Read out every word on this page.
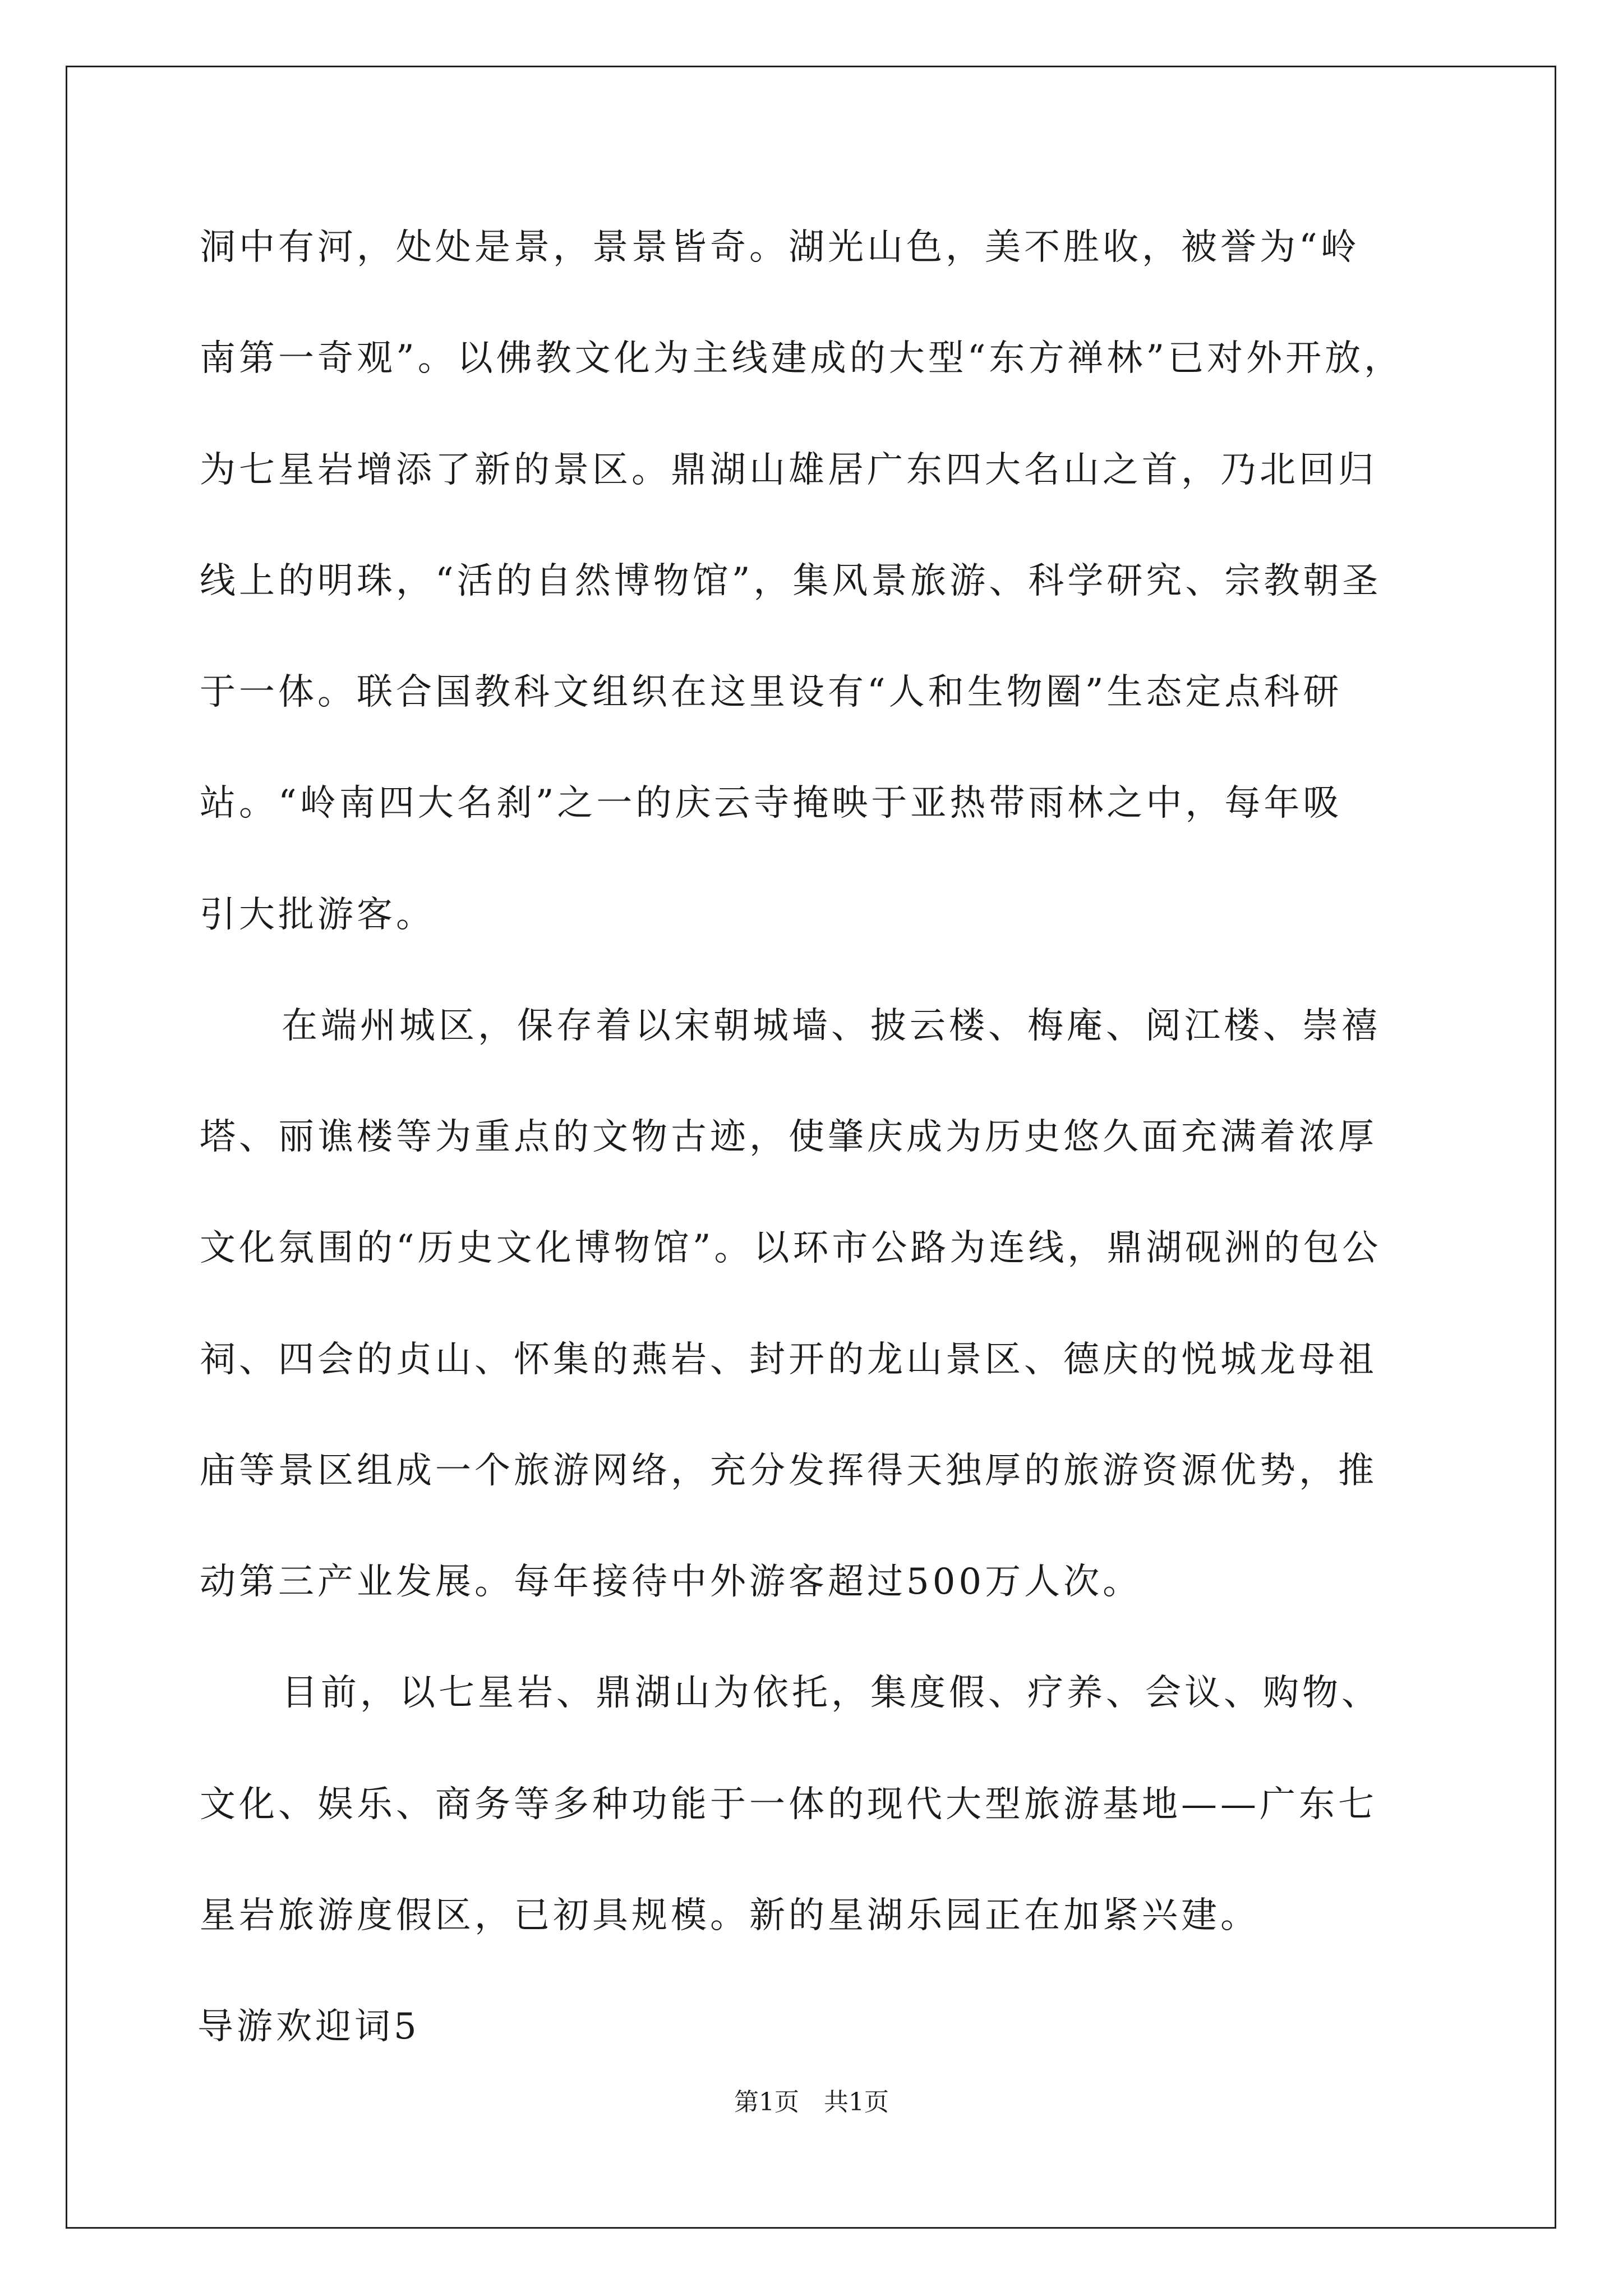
洞中有河，处处是景，景景皆奇。湖光山色，美不胜收，被誉为“岭
南第一奇观”。以佛教文化为主线建成的大型“东方禅林”已对外开放，
为七星岩增添了新的景区。鼎湖山雄居广东四大名山之首，乃北回归
线上的明珠，“活的自然博物馆”，集风景旅游、科学研究、宗教朝圣
于一体。联合国教科文组织在这里设有“人和生物圈”生态定点科研
站。“岭南四大名刹”之一的庆云寺掩映于亚热带雨林之中，每年吸
引大批游客。
在端州城区，保存着以宋朝城墙、披云楼、梅庵、阅江楼、崇禧
塔、丽谯楼等为重点的文物古迹，使肇庆成为历史悠久面充满着浓厚
文化氛围的“历史文化博物馆”。以环市公路为连线，鼎湖砚洲的包公
祠、四会的贞山、怀集的燕岩、封开的龙山景区、德庆的悦城龙母祖
庙等景区组成一个旅游网络，充分发挥得天独厚的旅游资源优势，推
动第三产业发展。每年接待中外游客超过500万人次。
目前，以七星岩、鼎湖山为依托，集度假、疗养、会议、购物、
文化、娱乐、商务等多种功能于一体的现代大型旅游基地——广东七
星岩旅游度假区，已初具规模。新的星湖乐园正在加紧兴建。
导游欢迎词5
第1页 共1页
